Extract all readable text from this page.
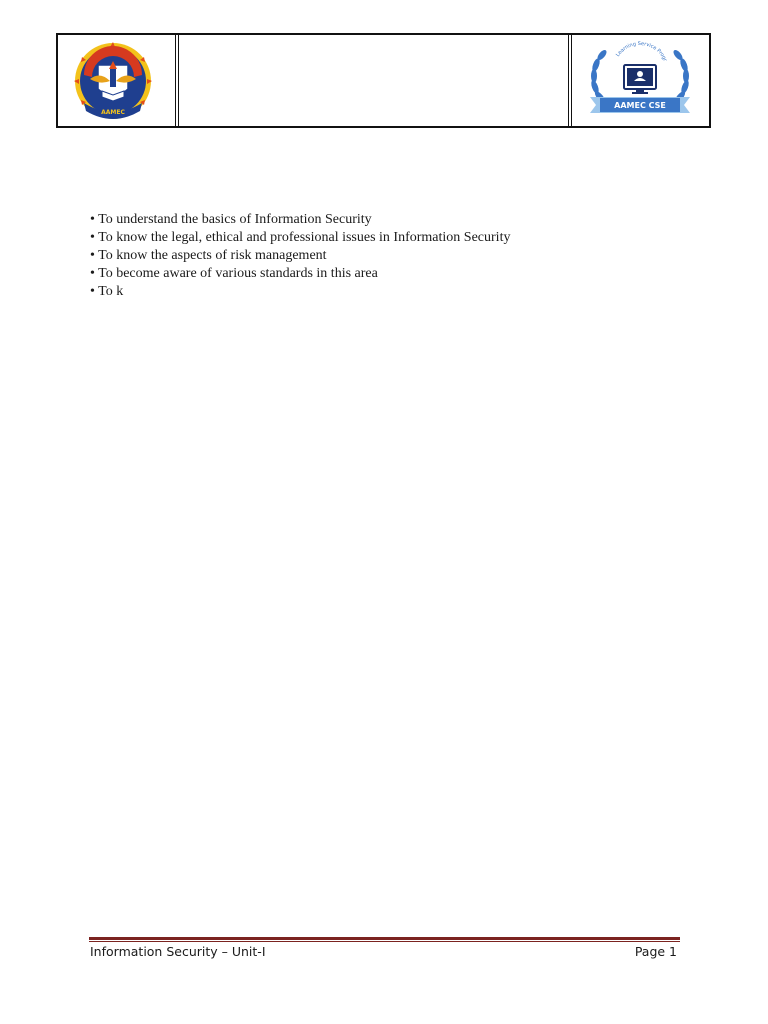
AAMEC
Learning Service Progr
AAMEC CSE
• To understand the basics of Information Security
• To know the legal, ethical and professional issues in Information Security
• To know the aspects of risk management
• To become aware of various standards in this area
• To k
Information Security – Unit-I	Page 1
